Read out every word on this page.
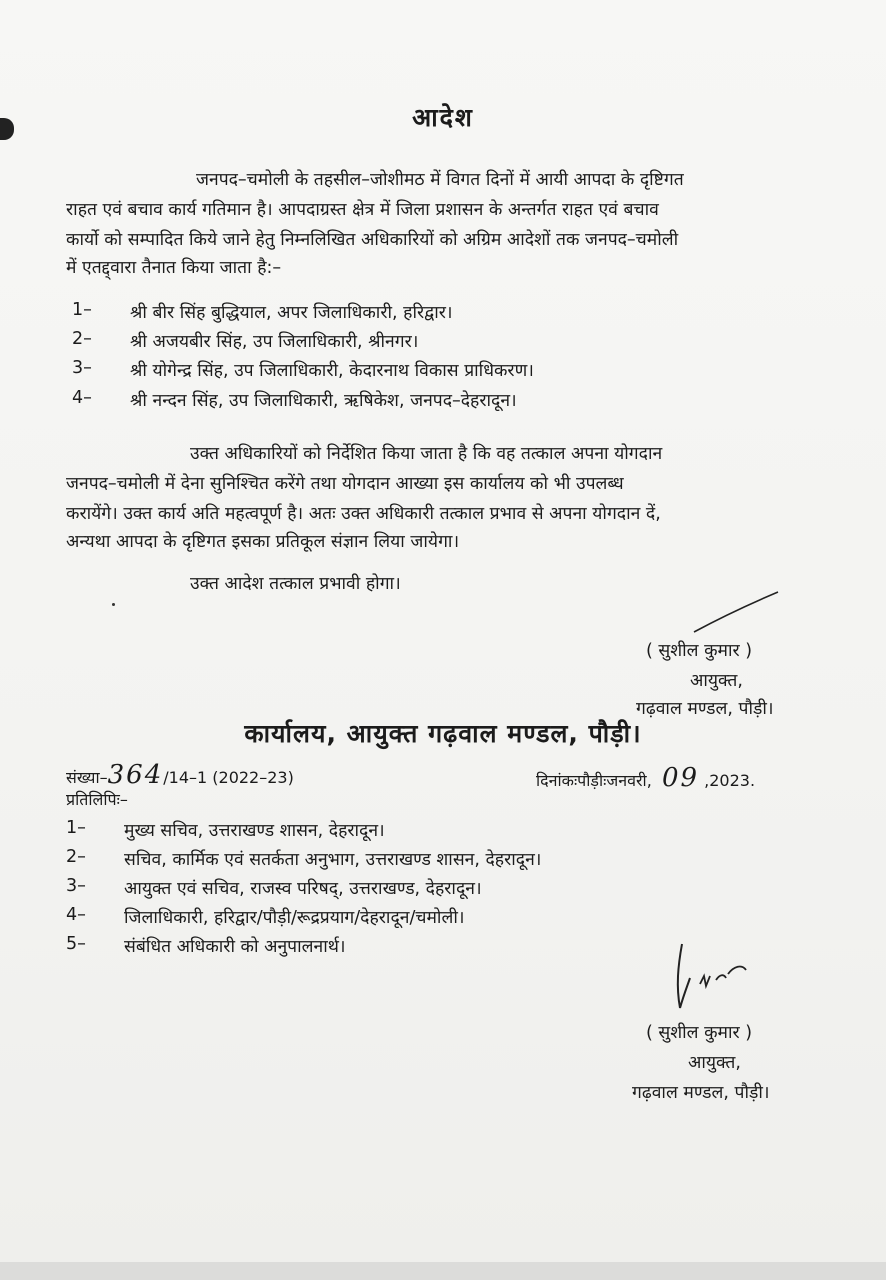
आदेश
जनपद–चमोली के तहसील–जोशीमठ में विगत दिनों में आयी आपदा के दृष्टिगत
राहत एवं बचाव कार्य गतिमान है। आपदाग्रस्त क्षेत्र में जिला प्रशासन के अन्तर्गत राहत एवं बचाव
कार्यो को सम्पादित किये जाने हेतु निम्नलिखित अधिकारियों को अग्रिम आदेशों तक जनपद–चमोली
में एतद्द्वारा तैनात किया जाता है:–
1– श्री बीर सिंह बुद्धियाल, अपर जिलाधिकारी, हरिद्वार।
2– श्री अजयबीर सिंह, उप जिलाधिकारी, श्रीनगर।
3– श्री योगेन्द्र सिंह, उप जिलाधिकारी, केदारनाथ विकास प्राधिकरण।
4– श्री नन्दन सिंह, उप जिलाधिकारी, ऋषिकेश, जनपद–देहरादून।
उक्त अधिकारियों को निर्देशित किया जाता है कि वह तत्काल अपना योगदान
जनपद–चमोली में देना सुनिश्चित करेंगे तथा योगदान आख्या इस कार्यालय को भी उपलब्ध
करायेंगे। उक्त कार्य अति महत्वपूर्ण है। अतः उक्त अधिकारी तत्काल प्रभाव से अपना योगदान दें,
अन्यथा आपदा के दृष्टिगत इसका प्रतिकूल संज्ञान लिया जायेगा।
उक्त आदेश तत्काल प्रभावी होगा।
( सुशील कुमार )
आयुक्त,
गढ़वाल मण्डल, पौड़ी।
कार्यालय, आयुक्त गढ़वाल मण्डल, पौड़ी।
संख्या–364/14–1 (2022–23)	दिनांकःपौड़ीःजनवरी, 09 ,2023.
प्रतिलिपिः–
1– मुख्य सचिव, उत्तराखण्ड शासन, देहरादून।
2– सचिव, कार्मिक एवं सतर्कता अनुभाग, उत्तराखण्ड शासन, देहरादून।
3– आयुक्त एवं सचिव, राजस्व परिषद्, उत्तराखण्ड, देहरादून।
4– जिलाधिकारी, हरिद्वार/पौड़ी/रूद्रप्रयाग/देहरादून/चमोली।
5– संबंधित अधिकारी को अनुपालनार्थ।
( सुशील कुमार )
आयुक्त,
गढ़वाल मण्डल, पौड़ी।
